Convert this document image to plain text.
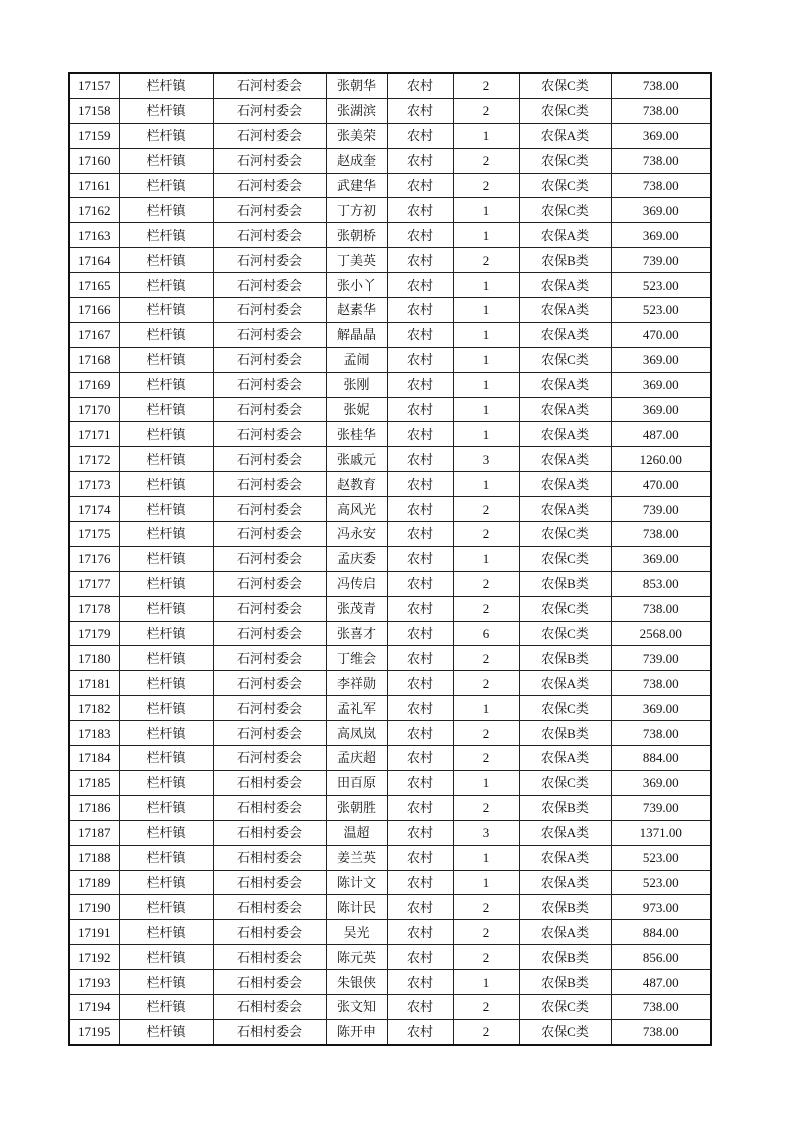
17157	栏杆镇	石河村委会	张朝华	农村	2	农保C类	738.00
17158	栏杆镇	石河村委会	张湖滨	农村	2	农保C类	738.00
17159	栏杆镇	石河村委会	张美荣	农村	1	农保A类	369.00
17160	栏杆镇	石河村委会	赵成奎	农村	2	农保C类	738.00
17161	栏杆镇	石河村委会	武建华	农村	2	农保C类	738.00
17162	栏杆镇	石河村委会	丁方初	农村	1	农保C类	369.00
17163	栏杆镇	石河村委会	张朝桥	农村	1	农保A类	369.00
17164	栏杆镇	石河村委会	丁美英	农村	2	农保B类	739.00
17165	栏杆镇	石河村委会	张小丫	农村	1	农保A类	523.00
17166	栏杆镇	石河村委会	赵素华	农村	1	农保A类	523.00
17167	栏杆镇	石河村委会	解晶晶	农村	1	农保A类	470.00
17168	栏杆镇	石河村委会	孟闹	农村	1	农保C类	369.00
17169	栏杆镇	石河村委会	张刚	农村	1	农保A类	369.00
17170	栏杆镇	石河村委会	张妮	农村	1	农保A类	369.00
17171	栏杆镇	石河村委会	张桂华	农村	1	农保A类	487.00
17172	栏杆镇	石河村委会	张戚元	农村	3	农保A类	1260.00
17173	栏杆镇	石河村委会	赵教育	农村	1	农保A类	470.00
17174	栏杆镇	石河村委会	高风光	农村	2	农保A类	739.00
17175	栏杆镇	石河村委会	冯永安	农村	2	农保C类	738.00
17176	栏杆镇	石河村委会	孟庆委	农村	1	农保C类	369.00
17177	栏杆镇	石河村委会	冯传启	农村	2	农保B类	853.00
17178	栏杆镇	石河村委会	张茂青	农村	2	农保C类	738.00
17179	栏杆镇	石河村委会	张喜才	农村	6	农保C类	2568.00
17180	栏杆镇	石河村委会	丁维会	农村	2	农保B类	739.00
17181	栏杆镇	石河村委会	李祥勋	农村	2	农保A类	738.00
17182	栏杆镇	石河村委会	孟礼军	农村	1	农保C类	369.00
17183	栏杆镇	石河村委会	高凤岚	农村	2	农保B类	738.00
17184	栏杆镇	石河村委会	孟庆超	农村	2	农保A类	884.00
17185	栏杆镇	石相村委会	田百原	农村	1	农保C类	369.00
17186	栏杆镇	石相村委会	张朝胜	农村	2	农保B类	739.00
17187	栏杆镇	石相村委会	温超	农村	3	农保A类	1371.00
17188	栏杆镇	石相村委会	姜兰英	农村	1	农保A类	523.00
17189	栏杆镇	石相村委会	陈计文	农村	1	农保A类	523.00
17190	栏杆镇	石相村委会	陈计民	农村	2	农保B类	973.00
17191	栏杆镇	石相村委会	吴光	农村	2	农保A类	884.00
17192	栏杆镇	石相村委会	陈元英	农村	2	农保B类	856.00
17193	栏杆镇	石相村委会	朱银侠	农村	1	农保B类	487.00
17194	栏杆镇	石相村委会	张文知	农村	2	农保C类	738.00
17195	栏杆镇	石相村委会	陈开申	农村	2	农保C类	738.00
